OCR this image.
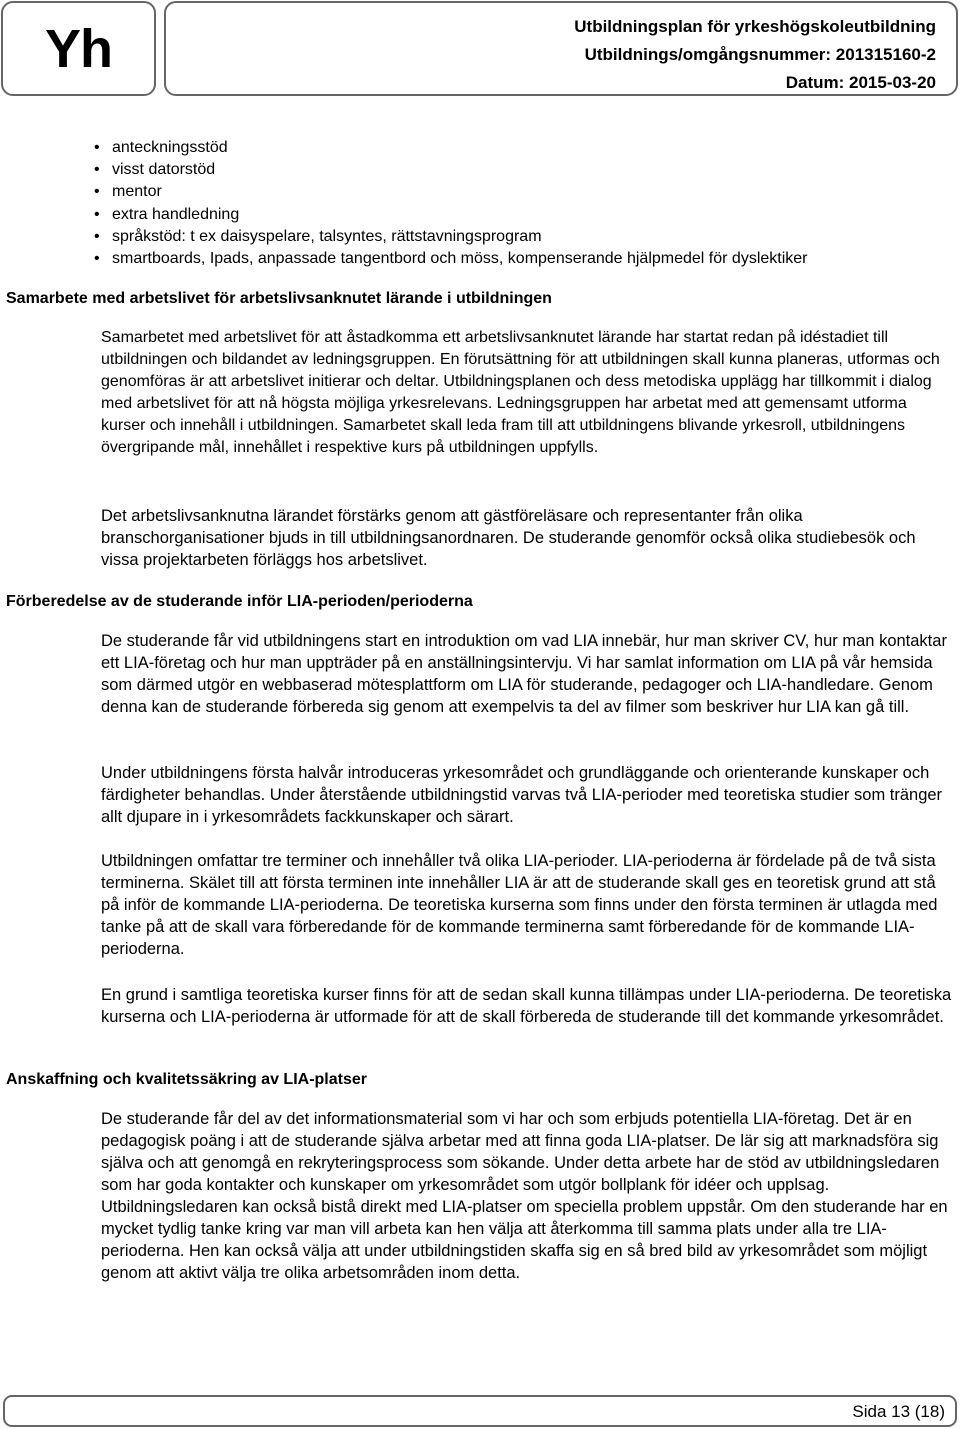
Yh	Utbildningsplan för yrkeshögskoleutbildning
Utbildnings/omgångsnummer: 201315160-2
Datum: 2015-03-20
• anteckningsstöd
• visst datorstöd
• mentor
• extra handledning
• språkstöd: t ex daisyspelare, talsyntes, rättstavningsprogram
• smartboards, Ipads, anpassade tangentbord och möss, kompenserande hjälpmedel för dyslektiker
Samarbete med arbetslivet för arbetslivsanknutet lärande i utbildningen

Samarbetet med arbetslivet för att åstadkomma ett arbetslivsanknutet lärande har startat redan på idéstadiet till utbildningen och bildandet av ledningsgruppen. En förutsättning för att utbildningen skall kunna planeras, utformas och genomföras är att arbetslivet initierar och deltar. Utbildningsplanen och dess metodiska upplägg har tillkommit i dialog med arbetslivet för att nå högsta möjliga yrkesrelevans. Ledningsgruppen har arbetat med att gemensamt utforma kurser och innehåll i utbildningen. Samarbetet skall leda fram till att utbildningens blivande yrkesroll, utbildningens övergripande mål, innehållet i respektive kurs på utbildningen uppfylls.

Det arbetslivsanknutna lärandet förstärks genom att gästföreläsare och representanter från olika branschorganisationer bjuds in till utbildningsanordnaren. De studerande genomför också olika studiebesök och vissa projektarbeten förläggs hos arbetslivet.

Förberedelse av de studerande inför LIA-perioden/perioderna

De studerande får vid utbildningens start en introduktion om vad LIA innebär, hur man skriver CV, hur man kontaktar ett LIA-företag och hur man uppträder på en anställningsintervju. Vi har samlat information om LIA på vår hemsida som därmed utgör en webbaserad mötesplattform om LIA för studerande, pedagoger och LIA-handledare. Genom denna kan de studerande förbereda sig genom att exempelvis ta del av filmer som beskriver hur LIA kan gå till.

Under utbildningens första halvår introduceras yrkesområdet och grundläggande och orienterande kunskaper och färdigheter behandlas. Under återstående utbildningstid varvas två LIA-perioder med teoretiska studier som tränger allt djupare in i yrkesområdets fackkunskaper och särart.

Utbildningen omfattar tre terminer och innehåller två olika LIA-perioder. LIA-perioderna är fördelade på de två sista terminerna. Skälet till att första terminen inte innehåller LIA är att de studerande skall ges en teoretisk grund att stå på inför de kommande LIA-perioderna. De teoretiska kurserna som finns under den första terminen är utlagda med tanke på att de skall vara förberedande för de kommande terminerna samt förberedande för de kommande LIA-perioderna.

En grund i samtliga teoretiska kurser finns för att de sedan skall kunna tillämpas under LIA-perioderna. De teoretiska kurserna och LIA-perioderna är utformade för att de skall förbereda de studerande till det kommande yrkesområdet.

Anskaffning och kvalitetssäkring av LIA-platser

De studerande får del av det informationsmaterial som vi har och som erbjuds potentiella LIA-företag. Det är en pedagogisk poäng i att de studerande själva arbetar med att finna goda LIA-platser. De lär sig att marknadsföra sig själva och att genomgå en rekryteringsprocess som sökande. Under detta arbete har de stöd av utbildningsledaren som har goda kontakter och kunskaper om yrkesområdet som utgör bollplank för idéer och upplsag. Utbildningsledaren kan också bistå direkt med LIA-platser om speciella problem uppstår. Om den studerande har en mycket tydlig tanke kring var man vill arbeta kan hen välja att återkomma till samma plats under alla tre LIA-perioderna. Hen kan också välja att under utbildningstiden skaffa sig en så bred bild av yrkesområdet som möjligt genom att aktivt välja tre olika arbetsområden inom detta.

Sida 13 (18)
